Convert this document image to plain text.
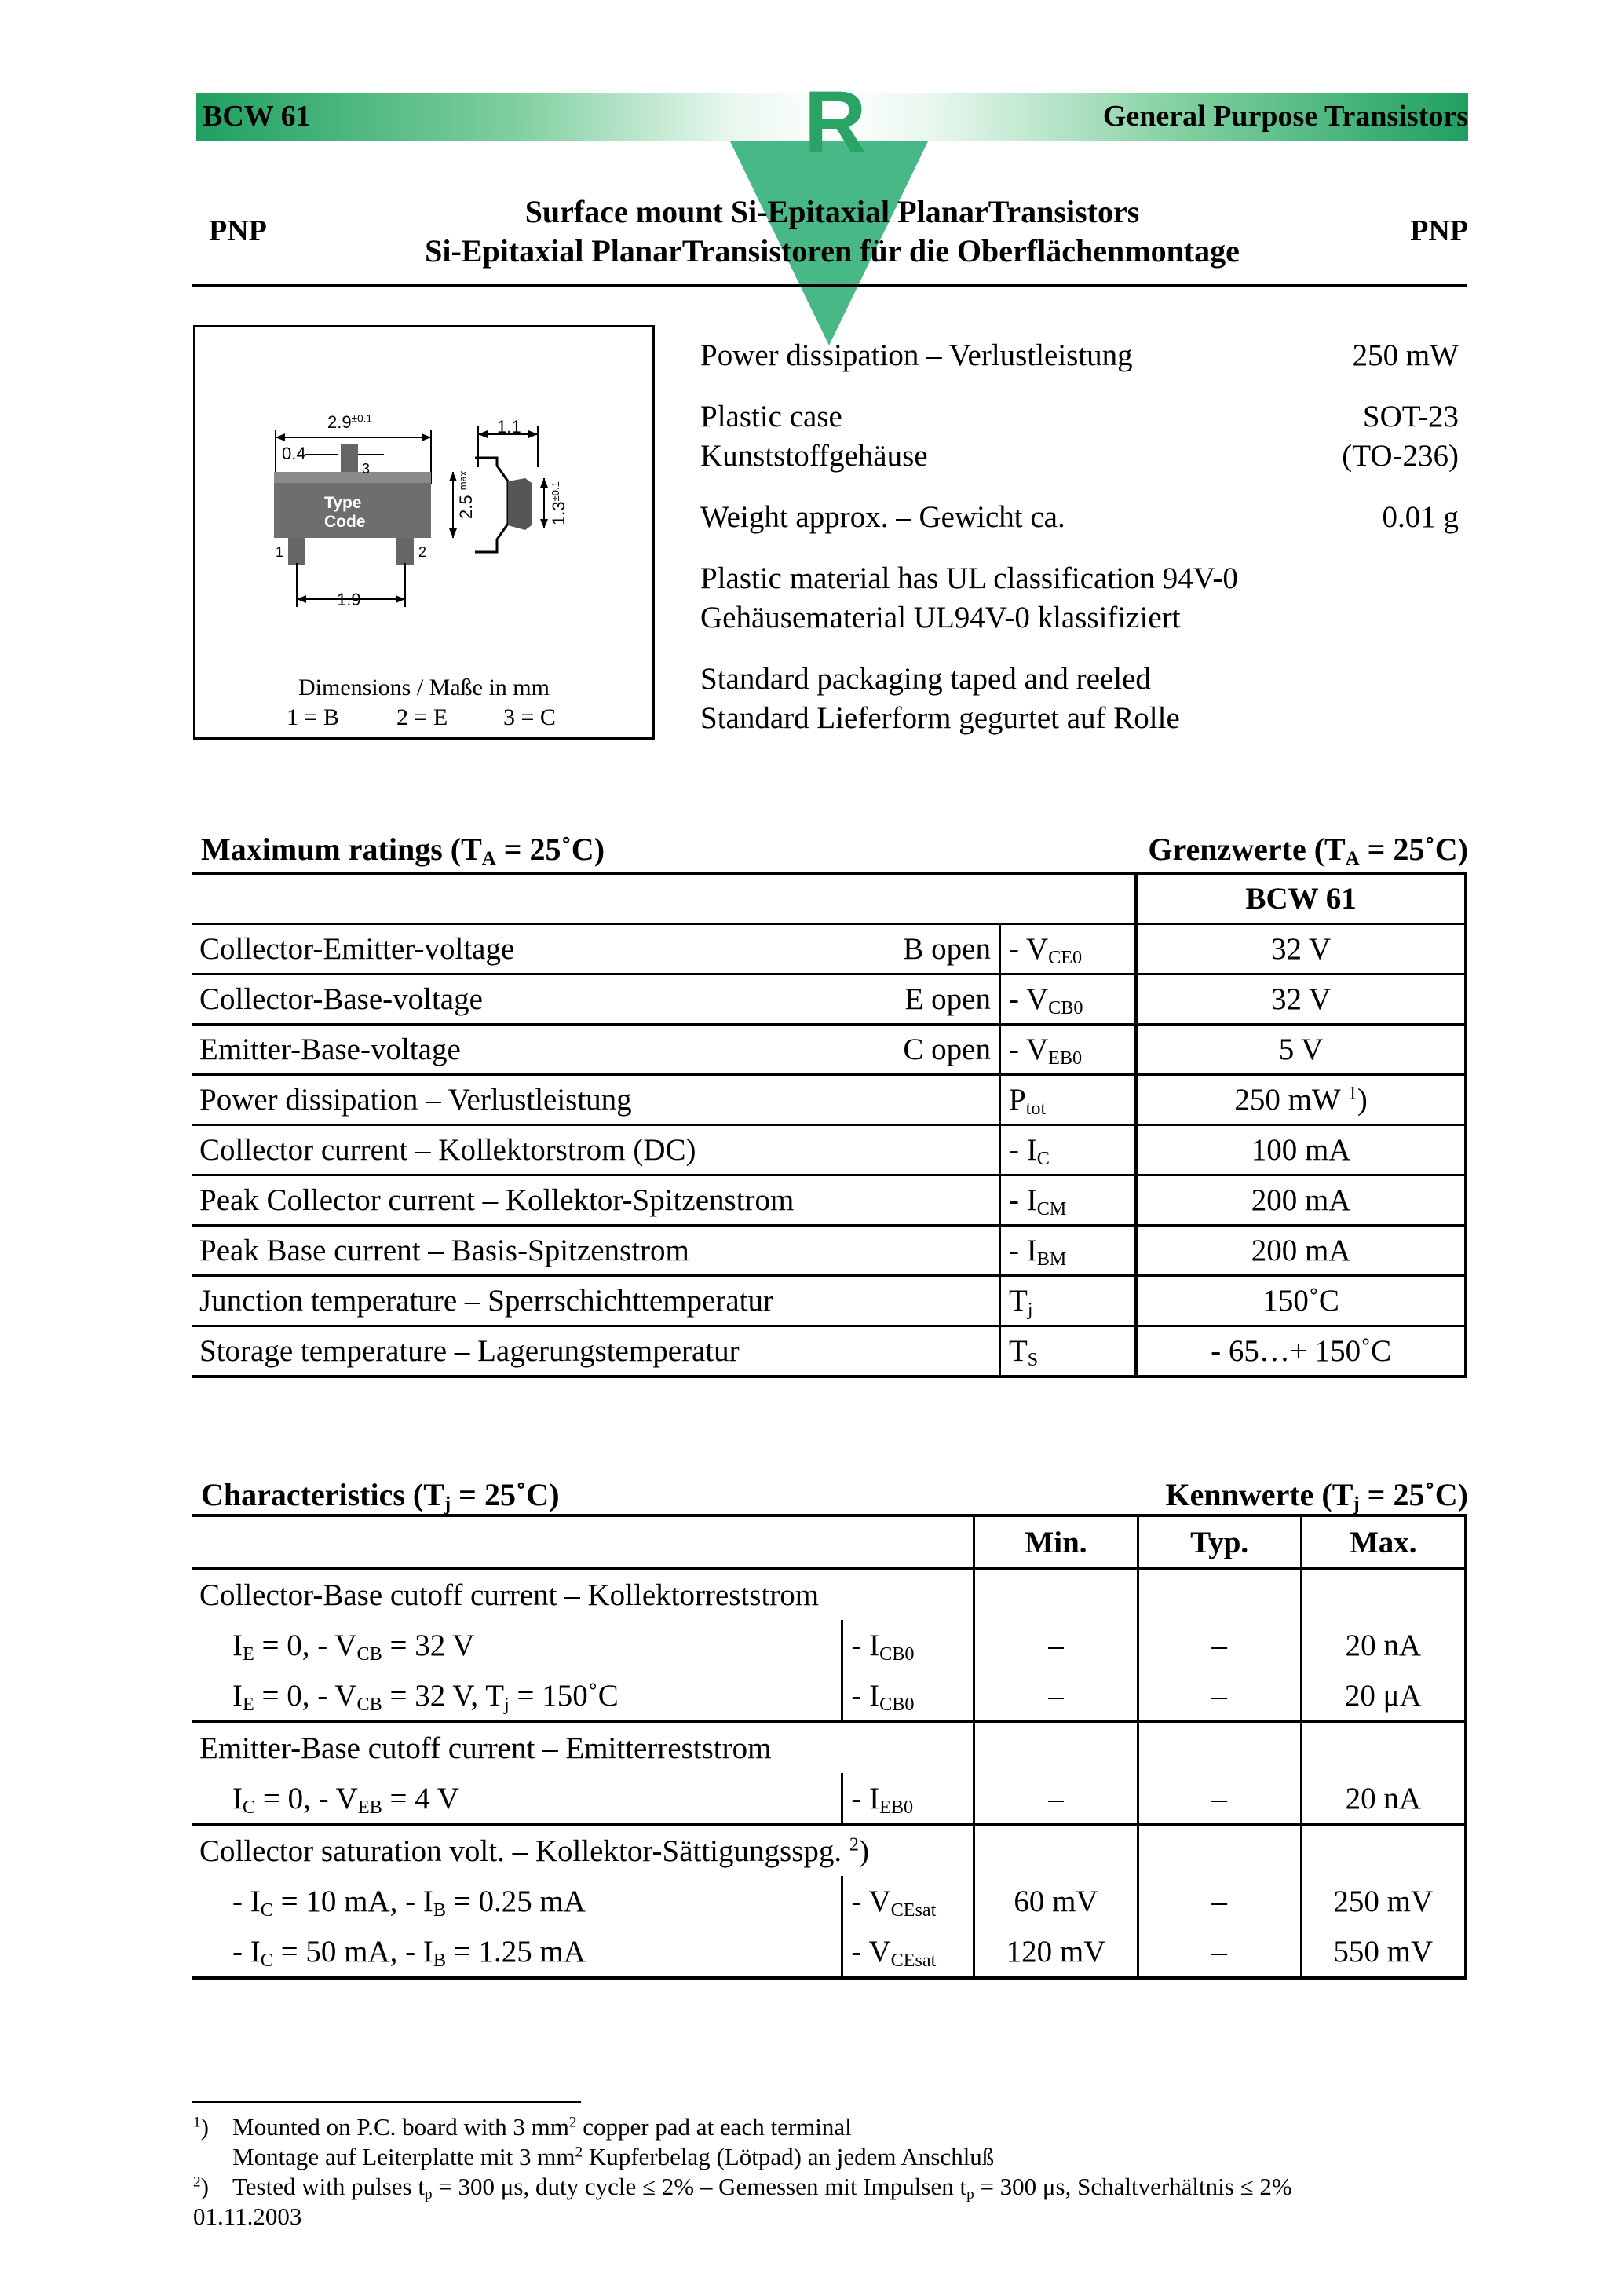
R
BCW 61	General Purpose Transistors
PNP	PNP
Surface mount Si-Epitaxial PlanarTransistors
Si-Epitaxial PlanarTransistoren für die Oberflächenmontage
$2.9^{\pm 0.1}$
0.4
3
Type
Code
1	2
1.9
2.5 $^{max}$
1.1
$1.3^{\pm 0.1}$
Dimensions / Maße in mm
1 = B 2 = E 3 = C
Power dissipation – Verlustleistung	250 mW
Plastic case	SOT-23
Kunststoffgehäuse	(TO-236)
Weight approx. – Gewicht ca.	0.01 g
Plastic material has UL classification 94V-0
Gehäusematerial UL94V-0 klassifiziert
Standard packaging taped and reeled
Standard Lieferform gegurtet auf Rolle
Maximum ratings ($T_A$ = 25˚C)	Grenzwerte ($T_A$ = 25˚C)
			BCW 61
Collector-Emitter-voltage	B open	- $V_{CE0}$	32 V
Collector-Base-voltage	E open	- $V_{CB0}$	32 V
Emitter-Base-voltage	C open	- $V_{EB0}$	5 V
Power dissipation – Verlustleistung		$P_{tot}$	250 mW $^1$)
Collector current – Kollektorstrom (DC)		- $I_C$	100 mA
Peak Collector current – Kollektor-Spitzenstrom		- $I_{CM}$	200 mA
Peak Base current – Basis-Spitzenstrom		- $I_{BM}$	200 mA
Junction temperature – Sperrschichttemperatur		$T_j$	150˚C
Storage temperature – Lagerungstemperatur		$T_S$	- 65…+ 150˚C
Characteristics ($T_j$ = 25˚C)	Kennwerte ($T_j$ = 25˚C)
		Min.	Typ.	Max.
Collector-Base cutoff current – Kollektorreststrom				
$I_E = 0$, - $V_{CB} = 32$ V	- $I_{CB0}$	–	–	20 nA
$I_E = 0$, - $V_{CB} = 32$ V, $T_j$ = 150˚C	- $I_{CB0}$	–	–	20 μA
Emitter-Base cutoff current – Emitterreststrom				
$I_C = 0$, - $V_{EB} = 4$ V	- $I_{EB0}$	–	–	20 nA
Collector saturation volt. – Kollektor-Sättigungsspg. $^2$)				
- $I_C = 10$ mA, - $I_B = 0.25$ mA	- $V_{CEsat}$	60 mV	–	250 mV
- $I_C = 50$ mA, - $I_B = 1.25$ mA	- $V_{CEsat}$	120 mV	–	550 mV
$^1$) Mounted on P.C. board with 3 $mm^2$ copper pad at each terminal
Montage auf Leiterplatte mit 3 $mm^2$ Kupferbelag (Lötpad) an jedem Anschluß
$^2$) Tested with pulses $t_p = 300$ μs, duty cycle ≤ 2% – Gemessen mit Impulsen $t_p = 300$ μs, Schaltverhältnis ≤ 2%
01.11.2003
